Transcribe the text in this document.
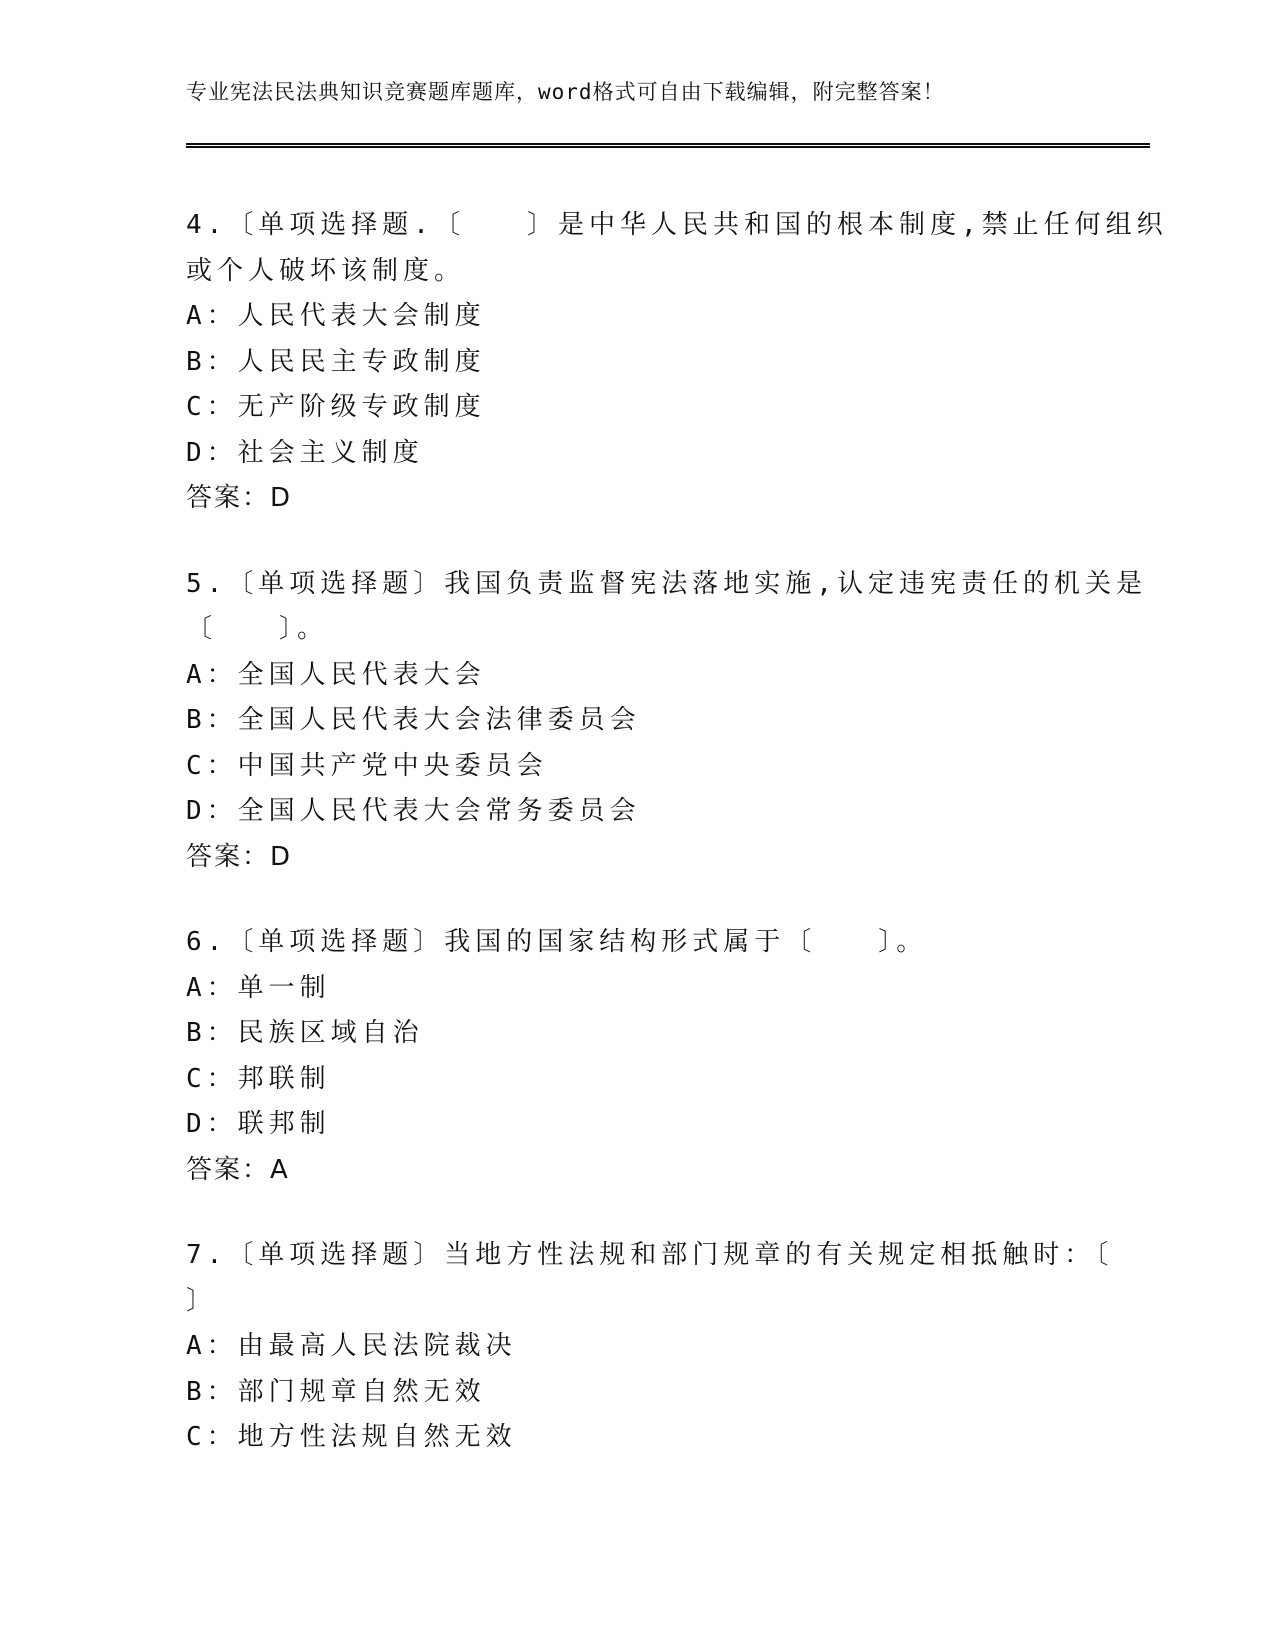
专业宪法民法典知识竞赛题库题库，word格式可自由下载编辑，附完整答案！
4.〔单项选择题.〔　　〕是中华人民共和国的根本制度,禁止任何组织
或个人破坏该制度。
A：人民代表大会制度
B：人民民主专政制度
C：无产阶级专政制度
D：社会主义制度
答案：D
5.〔单项选择题〕我国负责监督宪法落地实施,认定违宪责任的机关是
〔　　〕。
A：全国人民代表大会
B：全国人民代表大会法律委员会
C：中国共产党中央委员会
D：全国人民代表大会常务委员会
答案：D
6.〔单项选择题〕我国的国家结构形式属于〔　　〕。
A：单一制
B：民族区域自治
C：邦联制
D：联邦制
答案：A
7.〔单项选择题〕当地方性法规和部门规章的有关规定相抵触时：〔
〕
A：由最高人民法院裁决
B：部门规章自然无效
C：地方性法规自然无效
